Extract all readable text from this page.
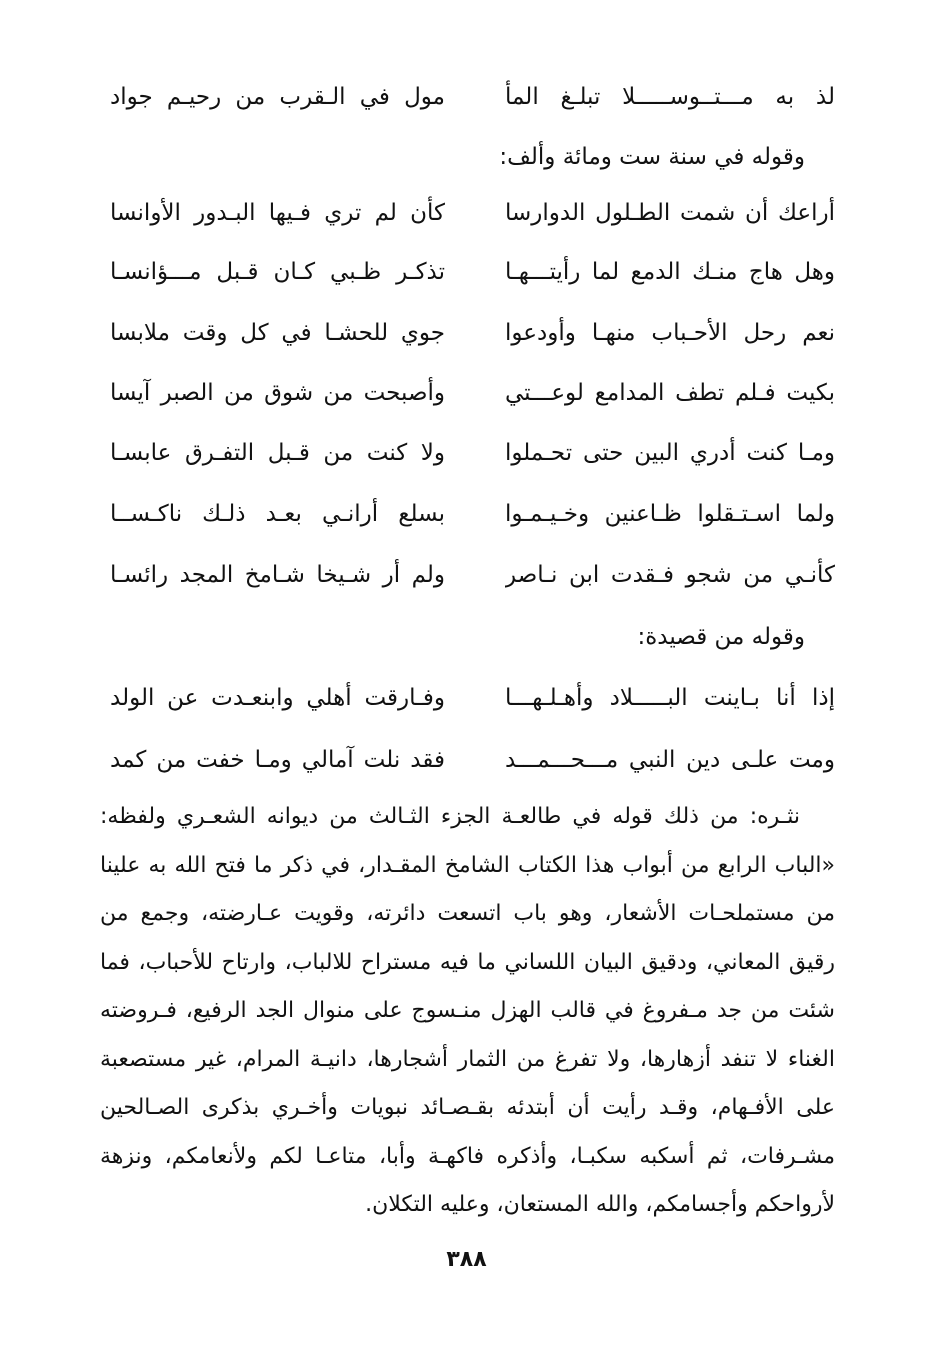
لذ به مـــتــوســـــلا تبلـغ المأ
مول في الـقرب من رحيـم جواد
وقوله في سنة ست ومائة وألف:
أراعك أن شمت الطـلول الدوارسا
كأن لم تري فـيها البـدور الأوانسا
وهل هاج منـك الدمع لما رأيتـــهـا
تذكـر ظـبي كـان قـبل مـــؤانسـا
نعم رحل الأحـباب منهـا وأودعوا
جوي للحشـا في كل وقت ملابسا
بكيت فـلم تطف المدامع لوعـــتي
وأصبحت من شوق من الصبر آيسا
ومـا كنت أدري البين حتى تحـملوا
ولا كنت من قـبل التفـرق عابسـا
ولما اسـتـقلوا ظـاعنين وخـيـمـوا
بسلع أرانـي بعـد ذلـك ناكـســا
كأنـي من شجو فـقدت ابن نـاصر
ولم أر شـيخا شـامخ المجد رائسـا
وقوله من قصيدة:
إذا أنا بـاينت البـــــلاد وأهـلـهـــا
وفـارقت أهلي وابنعـدت عن الولد
ومت علـى دين النبي مـــحـــمـــد
فقد نلت آمالي ومـا خفت من كمد
نثـره: من ذلك قوله في طالعـة الجزء الثـالث من ديوانه الشعـري ولفظه:
«الباب الرابع من أبواب هذا الكتاب الشامخ المقـدار، في ذكر ما فتح الله به علينا
من مستملحـات الأشعار، وهو باب اتسعت دائرته، وقويت عـارضته، وجمع من
رقيق المعاني، ودقيق البيان اللساني ما فيه مستراح للالباب، وارتاح للأحباب، فما
شئت من جد مـفروغ في قالب الهزل منـسوج على منوال الجد الرفيع، فـروضته
الغناء لا تنفد أزهارها، ولا تفرغ من الثمار أشجارها، دانيـة المرام، غير مستصعبة
على الأفـهام، وقـد رأيت أن أبتدئه بقـصـائد نبويات وأخـري بذكرى الصـالحين
مشـرفات، ثم أسكبه سكبـا، وأذكره فاكهـة وأبا، متاعـا لكم ولأنعامكم، ونزهة
لأرواحكم وأجسامكم، والله المستعان، وعليه التكلان.
٣٨٨
